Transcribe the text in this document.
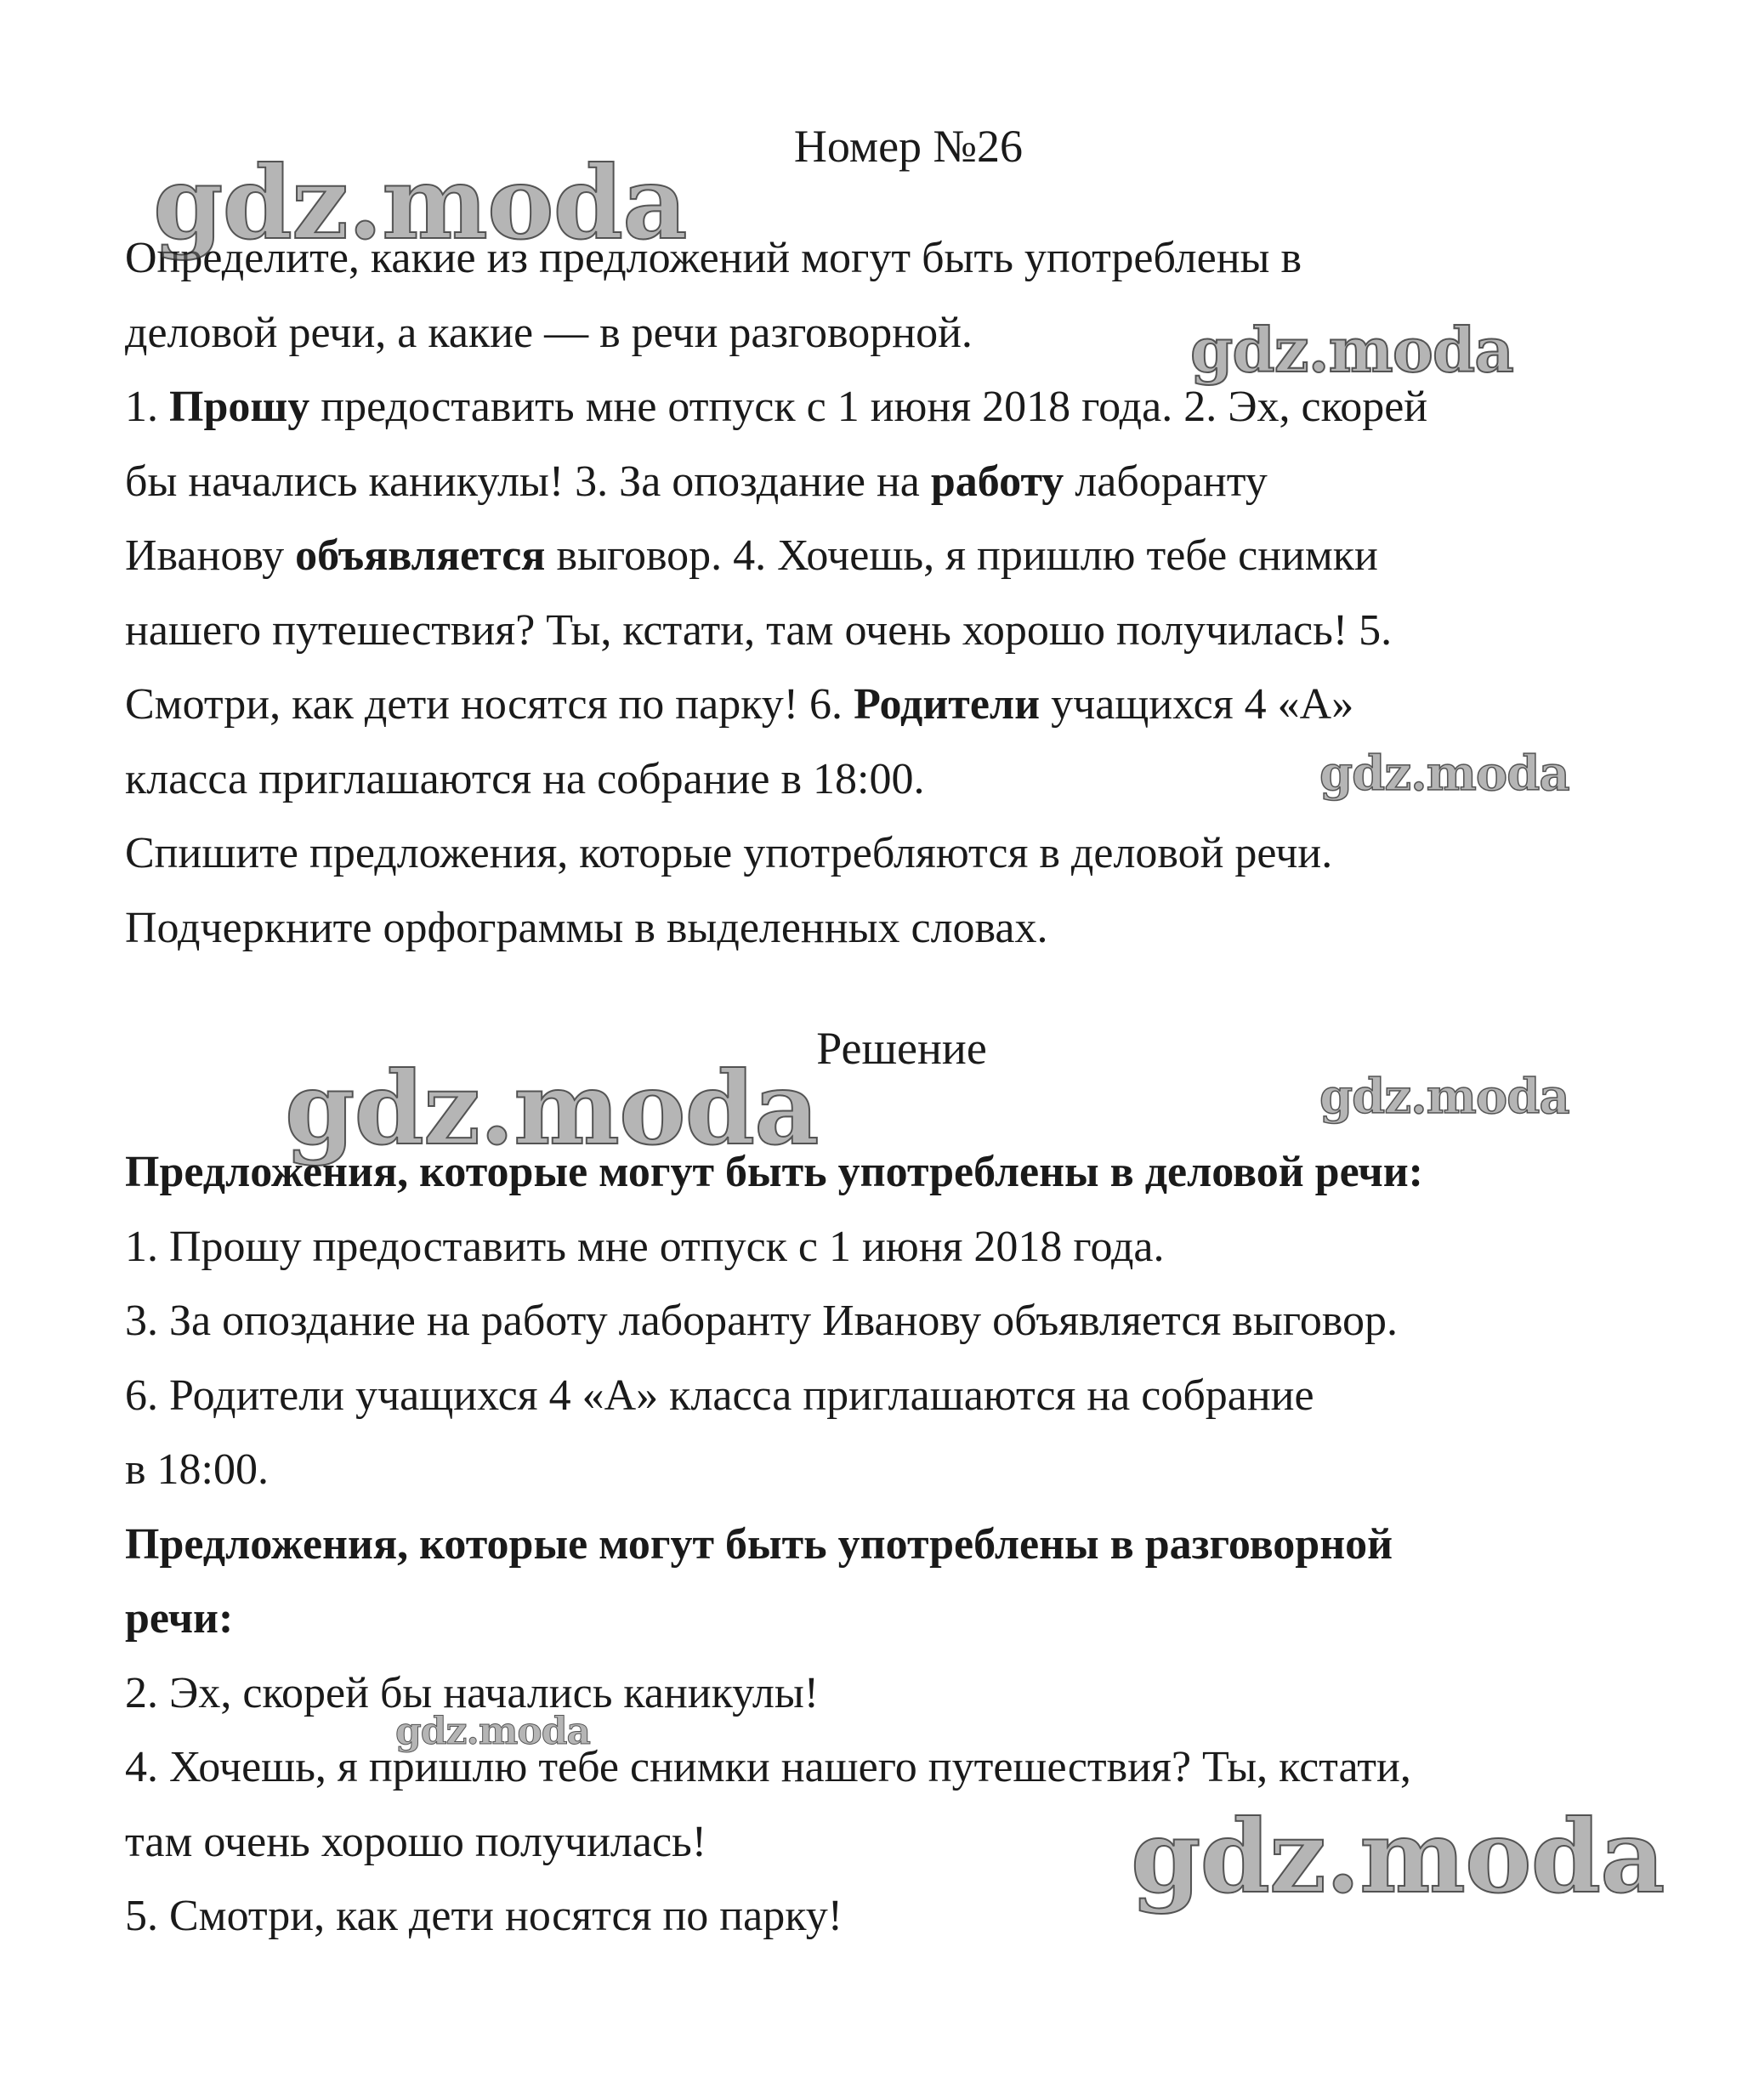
Номер №26
Определите, какие из предложений могут быть употреблены в
деловой речи, а какие — в речи разговорной.
1. Прошу предоставить мне отпуск с 1 июня 2018 года. 2. Эх, скорей
бы начались каникулы! 3. За опоздание на работу лаборанту
Иванову объявляется выговор. 4. Хочешь, я пришлю тебе снимки
нашего путешествия? Ты, кстати, там очень хорошо получилась! 5.
Смотри, как дети носятся по парку! 6. Родители учащихся 4 «А»
класса приглашаются на собрание в 18:00.
Спишите предложения, которые употребляются в деловой речи.
Подчеркните орфограммы в выделенных словах.
Решение
Предложения, которые могут быть употреблены в деловой речи:
1. Прошу предоставить мне отпуск с 1 июня 2018 года.
3. За опоздание на работу лаборанту Иванову объявляется выговор.
6. Родители учащихся 4 «А» класса приглашаются на собрание
в 18:00.
Предложения, которые могут быть употреблены в разговорной
речи:
2. Эх, скорей бы начались каникулы!
4. Хочешь, я пришлю тебе снимки нашего путешествия? Ты, кстати,
там очень хорошо получилась!
5. Смотри, как дети носятся по парку!
gdz.moda
gdz.moda
gdz.moda
gdz.moda	gdz.moda
gdz.moda
gdz.moda
